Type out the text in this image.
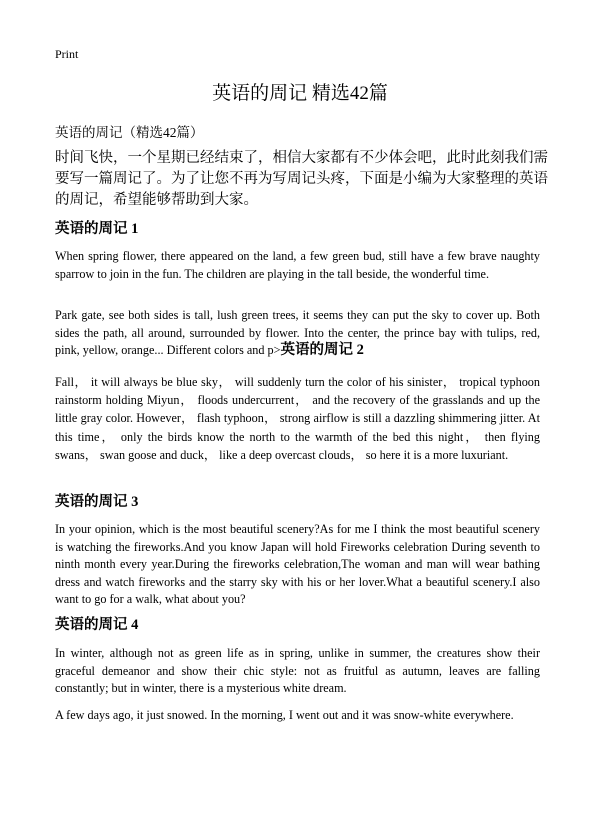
Print
英语的周记 精选42篇
英语的周记（精选42篇）
时间飞快，一个星期已经结束了，相信大家都有不少体会吧，此时此刻我们需要写一篇周记了。为了让您不再为写周记头疼，下面是小编为大家整理的英语的周记，希望能够帮助到大家。
英语的周记 1
When spring flower, there appeared on the land, a few green bud, still have a few brave naughty sparrow to join in the fun. The children are playing in the tall beside, the wonderful time.
Park gate, see both sides is tall, lush green trees, it seems they can put the sky to cover up. Both sides the path, all around, surrounded by flower. Into the center, the prince bay with tulips, red, pink, yellow, orange... Different colors and p>英语的周记 2
Fall， it will always be blue sky， will suddenly turn the color of his sinister， tropical typhoon rainstorm holding Miyun， floods undercurrent， and the recovery of the grasslands and up the little gray color. However， flash typhoon， strong airflow is still a dazzling shimmering jitter. At this time， only the birds know the north to the warmth of the bed this night， then flying swans， swan goose and duck， like a deep overcast clouds， so here it is a more luxuriant.
英语的周记 3
In your opinion, which is the most beautiful scenery?As for me I think the most beautiful scenery is watching the fireworks.And you know Japan will hold Fireworks celebration During seventh to ninth month every year.During the fireworks celebration,The woman and man will wear bathing dress and watch fireworks and the starry sky with his or her lover.What a beautiful scenery.I also want to go for a walk, what about you?
英语的周记 4
In winter, although not as green life as in spring, unlike in summer, the creatures show their graceful demeanor and show their chic style: not as fruitful as autumn, leaves are falling constantly; but in winter, there is a mysterious white dream.
A few days ago, it just snowed. In the morning, I went out and it was snow-white everywhere.
